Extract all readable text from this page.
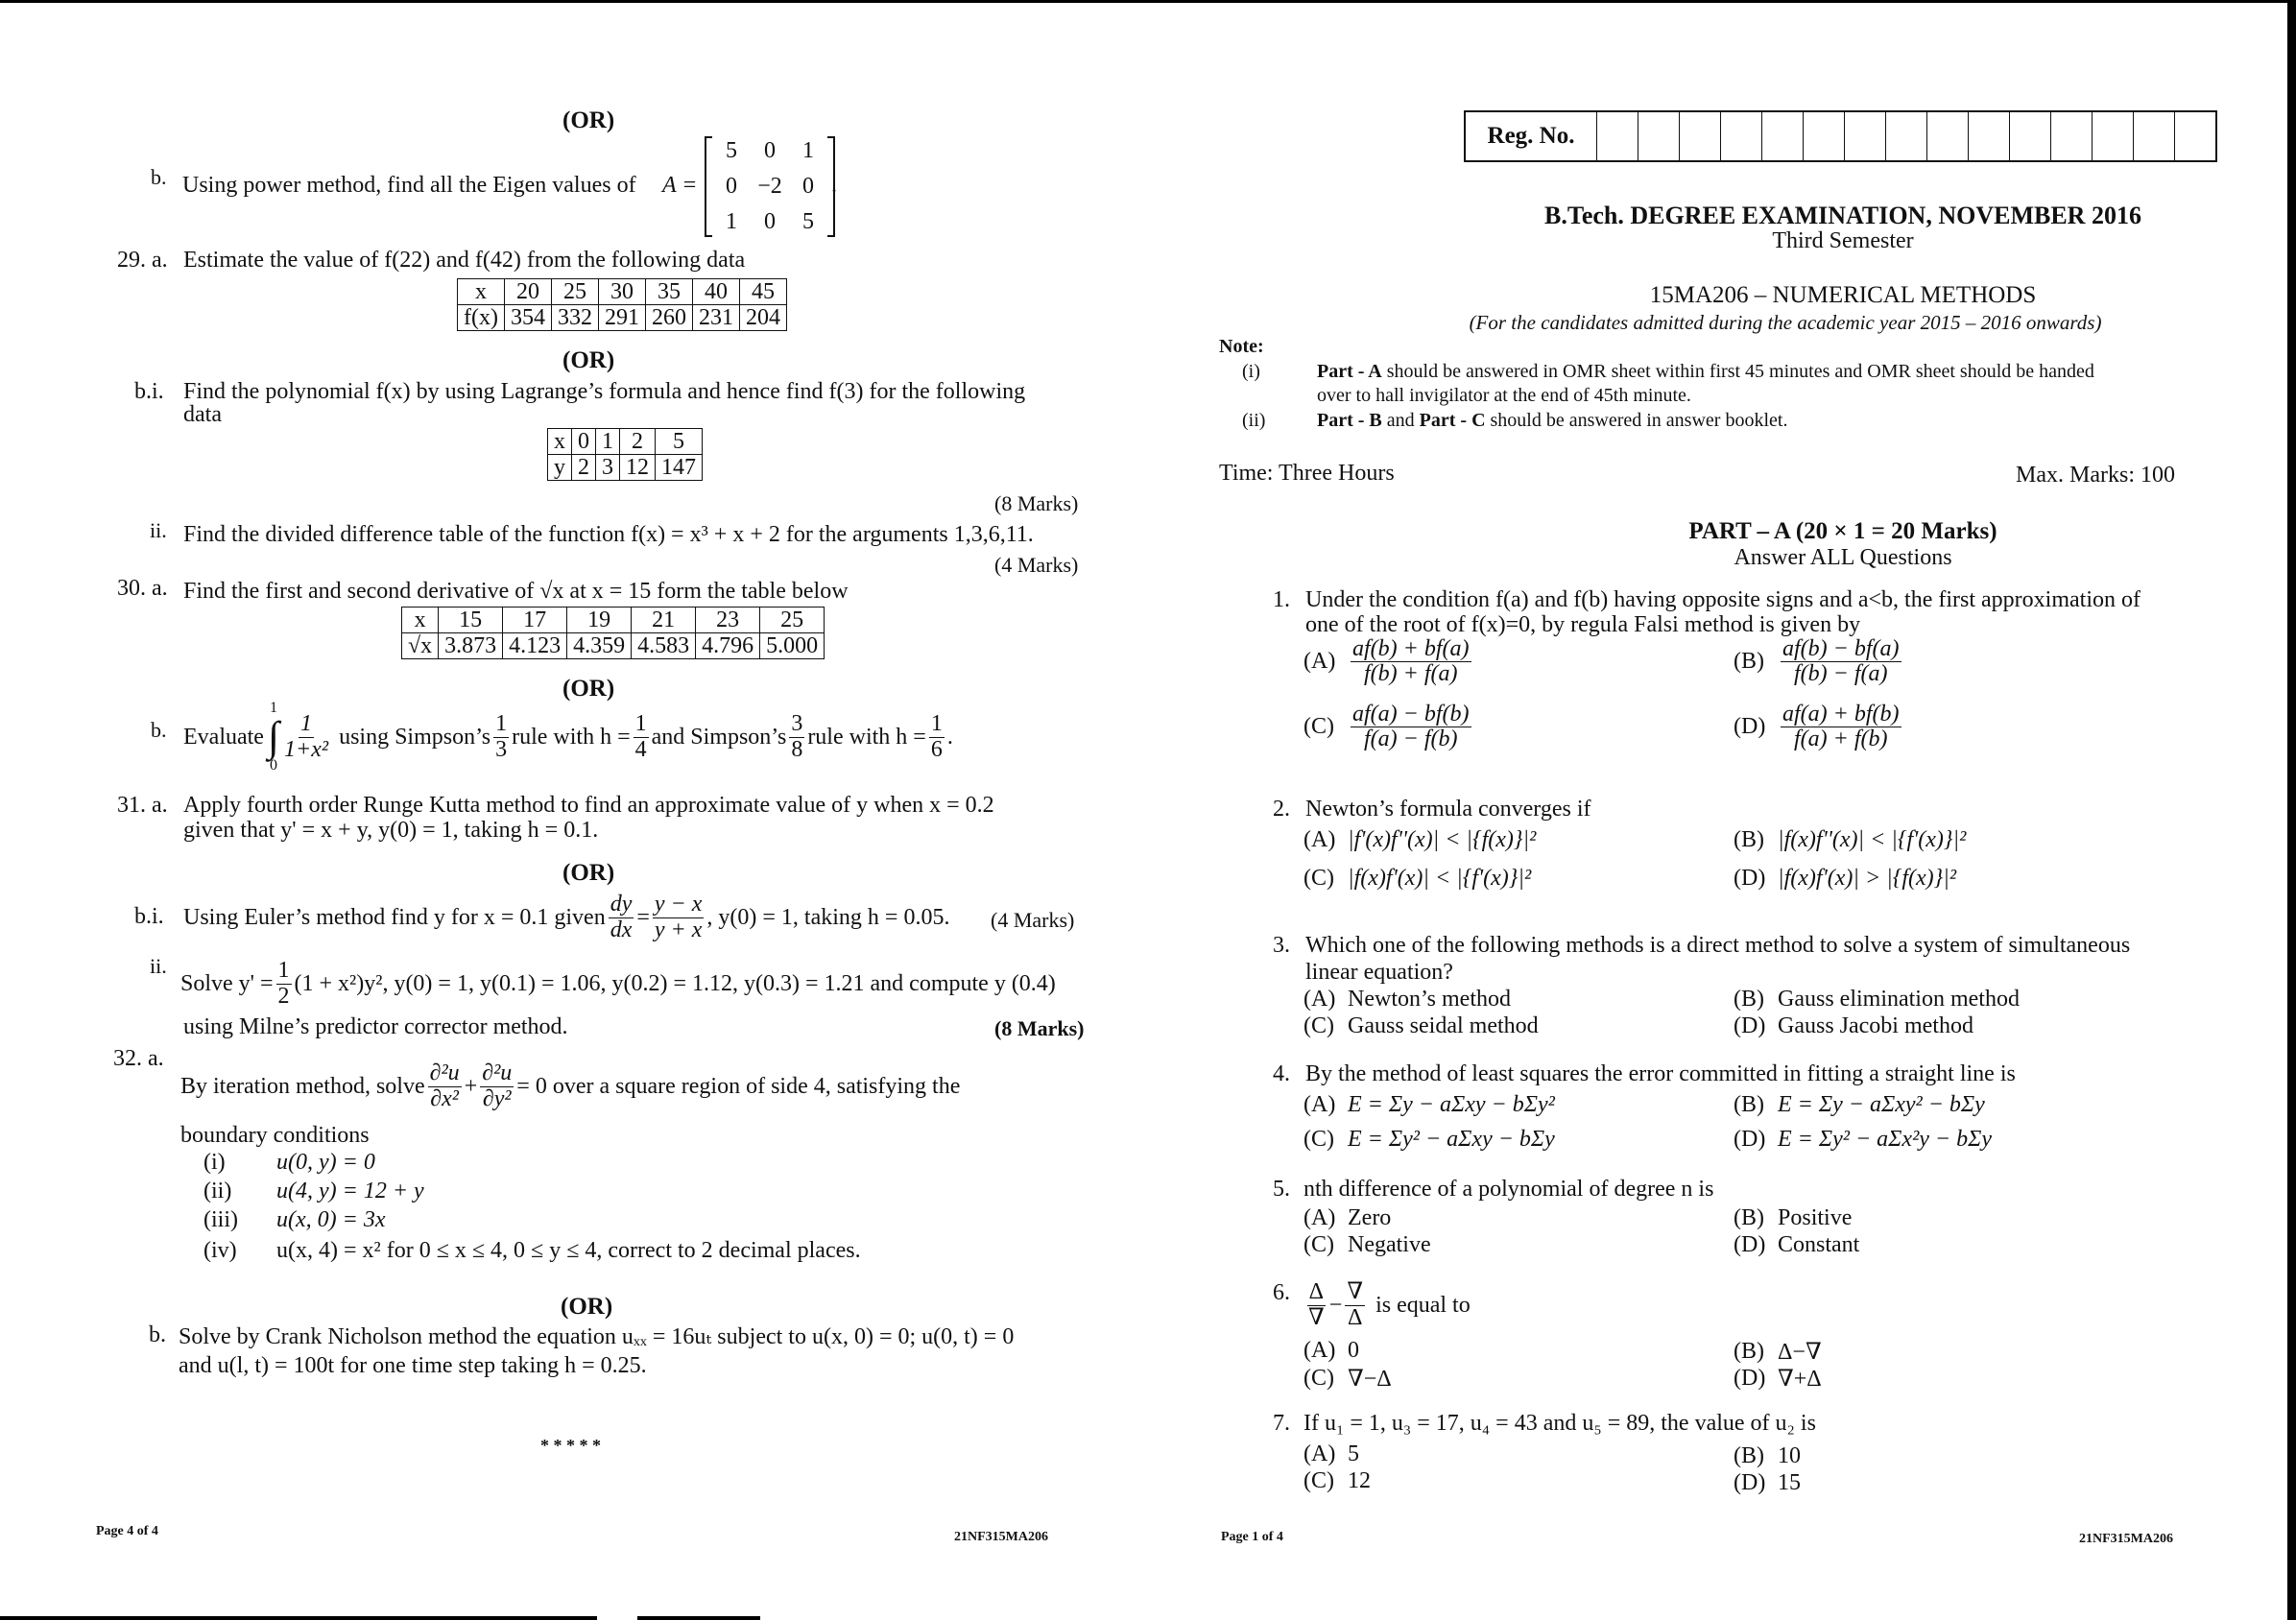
(OR)
b. Using power method, find all the Eigen values of A =
5	0	1
0 −2 0
1	0	5
.
29. a. Estimate the value of f(22) and f(42) from the following data
x	20	25	30	35	40	45
f(x)	354	332	291	260	231	204
(OR)
b.i. Find the polynomial f(x) by using Lagrange’s formula and hence find f(3) for the following
data
x	0	1	2	5
y	2	3	12	147
(8 Marks)
ii. Find the divided difference table of the function f(x) = x³ + x + 2 for the arguments 1,3,6,11.
(4 Marks)
30. a. Find the first and second derivative of √x at x = 15 form the table below
x	15	17	19	21	23	25
√x	3.873	4.123	4.359	4.583	4.796	5.000
(OR)
b. Evaluate
1
∫
0
$\frac{1}{\text{1+x²}}$ using Simpson’s $\frac{1}{3}$ rule with $h = \frac{1}{4}$ and Simpson’s $\frac{3}{8}$ rule with $h = \frac{1}{6}$ .
31. a. Apply fourth order Runge Kutta method to find an approximate value of y when x = 0.2
given that y' = x + y, y(0) = 1, taking h = 0.1.
(OR)
b.i. Using Euler’s method find y for x = 0.1 given $\frac{dy}{dx} = \frac{y - x}{y + x}$ , y(0) = 1, taking h = 0.05. (4 Marks)
ii.
Solve $y' = \frac{1}{2} (1 + x^2)y^2$, y(0) = 1, y(0.1) = 1.06, y(0.2) = 1.12, y(0.3) = 1.21 and compute y (0.4)
using Milne’s predictor corrector method.	(8 Marks)
32. a.
By iteration method, solve $\frac{\text{∂²u}}{\text{∂x²}} + \frac{\text{∂²u}}{\text{∂y²}} = 0$ over a square region of side 4, satisfying the
boundary conditions
(i) u(0, y) = 0
(ii) u(4, y) = 12 + y
(iii) u(x, 0) = 3x
(iv) u(x, 4) = x² for 0 ≤ x ≤ 4, 0 ≤ y ≤ 4, correct to 2 decimal places.
(OR)
b. Solve by Crank Nicholson method the equation uₓₓ = 16uₜ subject to u(x, 0) = 0; u(0, t) = 0
and u(l, t) = 100t for one time step taking h = 0.25.
* * * * *
Page 4 of 4	21NF315MA206
Reg. No.
B.Tech. DEGREE EXAMINATION, NOVEMBER 2016
Third Semester
15MA206 – NUMERICAL METHODS
(For the candidates admitted during the academic year 2015 – 2016 onwards)
Note:
(i)	Part - A should be answered in OMR sheet within first 45 minutes and OMR sheet should be handed
over to hall invigilator at the end of 45th minute.
(ii)	Part - B and Part - C should be answered in answer booklet.
Time: Three Hours	Max. Marks: 100
PART – A (20 × 1 = 20 Marks)
Answer ALL Questions
1. Under the condition f(a) and f(b) having opposite signs and a<b, the first approximation of
one of the root of f(x)=0, by regula Falsi method is given by
$(A) \frac{af(b) + bf(a)}{f(b) + f(a)}$	$(B) \frac{af(b) - bf(a)}{f(b) - f(a)}$
$(C) \frac{af(a) - bf(b)}{f(a) - f(b)}$	$(D) \frac{af(a) + bf(b)}{f(a) + f(b)}$
2. Newton’s formula converges if
(A) |f'(x)f''(x)| < |{f(x)}|²	(B) |f(x)f''(x)| < |{f'(x)}|²
(C) |f(x)f'(x)| < |{f'(x)}|²	(D) |f(x)f'(x)| > |{f(x)}|²
3. Which one of the following methods is a direct method to solve a system of simultaneous
linear equation?
(A) Newton’s method	(B) Gauss elimination method
(C) Gauss seidal method	(D) Gauss Jacobi method
4. By the method of least squares the error committed in fitting a straight line is
(A) E = Σy − aΣxy − bΣy²	(B) E = Σy − aΣxy² − bΣy
(C) E = Σy² − aΣxy − bΣy	(D) E = Σy² − aΣx²y − bΣy
5. nth difference of a polynomial of degree n is
(A) Zero	(B) Positive
(C) Negative	(D) Constant
6. $\frac{\Delta}{\nabla} - \frac{\nabla}{\Delta}$ is equal to
(A) 0	(B) Δ−∇
(C) ∇−Δ	(D) ∇+Δ
7. If u₁ = 1, u₃ = 17, u₄ = 43 and u₅ = 89, the value of u₂ is
(A) 5	(B) 10
(C) 12	(D) 15
Page 1 of 4	21NF315MA206
